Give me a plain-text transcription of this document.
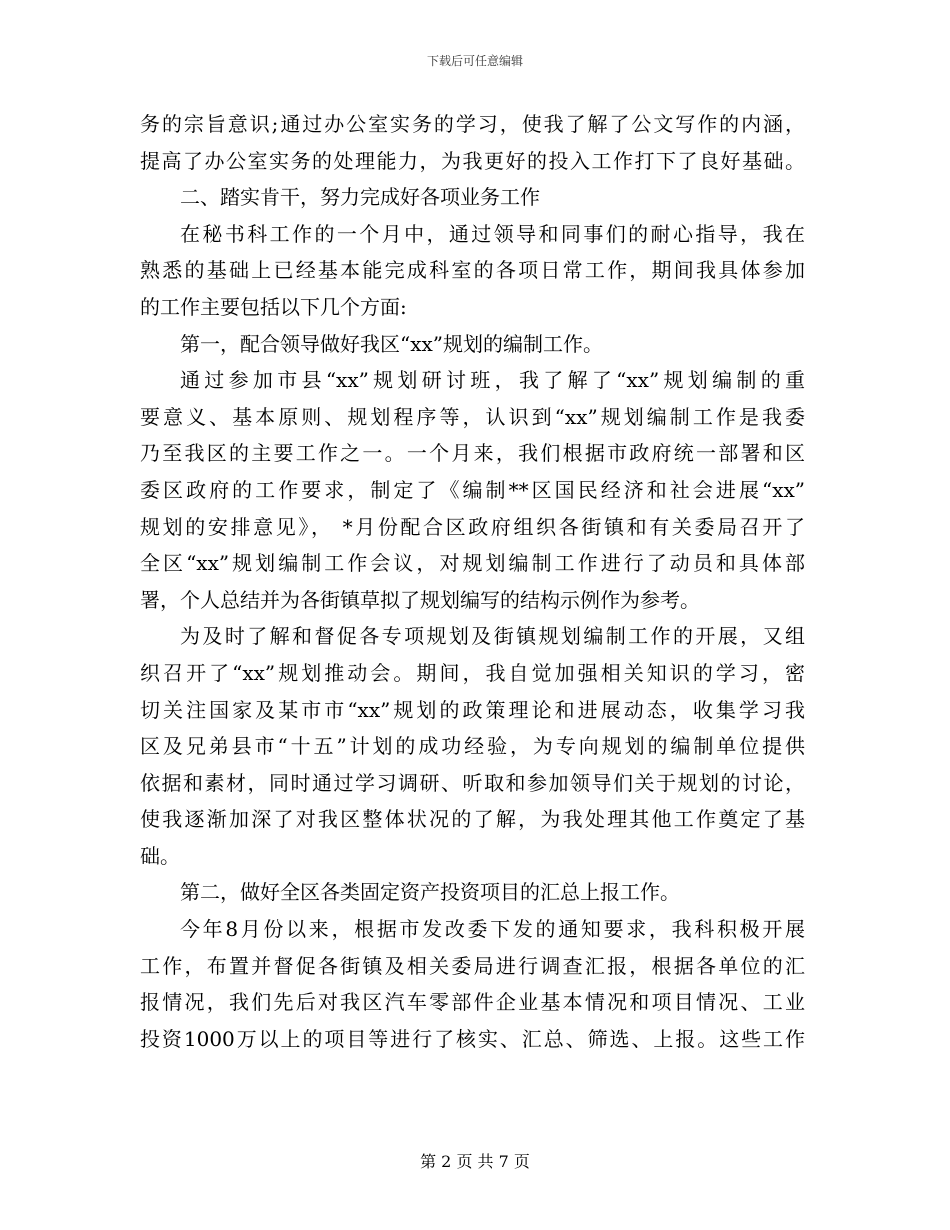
下载后可任意编辑
务的宗旨意识;通过办公室实务的学习，使我了解了公文写作的内涵，
提高了办公室实务的处理能力，为我更好的投入工作打下了良好基础。
二、踏实肯干，努力完成好各项业务工作
在秘书科工作的一个月中，通过领导和同事们的耐心指导，我在
熟悉的基础上已经基本能完成科室的各项日常工作，期间我具体参加
的工作主要包括以下几个方面:
第一，配合领导做好我区“xx”规划的编制工作。
通过参加市县“xx”规划研讨班，我了解了“xx”规划编制的重
要意义、基本原则、规划程序等，认识到“xx”规划编制工作是我委
乃至我区的主要工作之一。一个月来，我们根据市政府统一部署和区
委区政府的工作要求，制定了《编制**区国民经济和社会进展“xx”
规划的安排意见》， *月份配合区政府组织各街镇和有关委局召开了
全区“xx”规划编制工作会议，对规划编制工作进行了动员和具体部
署，个人总结并为各街镇草拟了规划编写的结构示例作为参考。
为及时了解和督促各专项规划及街镇规划编制工作的开展，又组
织召开了“xx”规划推动会。期间，我自觉加强相关知识的学习，密
切关注国家及某市市“xx”规划的政策理论和进展动态，收集学习我
区及兄弟县市“十五”计划的成功经验，为专向规划的编制单位提供
依据和素材，同时通过学习调研、听取和参加领导们关于规划的讨论，
使我逐渐加深了对我区整体状况的了解，为我处理其他工作奠定了基
础。
第二，做好全区各类固定资产投资项目的汇总上报工作。
今年8月份以来，根据市发改委下发的通知要求，我科积极开展
工作，布置并督促各街镇及相关委局进行调查汇报，根据各单位的汇
报情况，我们先后对我区汽车零部件企业基本情况和项目情况、工业
投资1000万以上的项目等进行了核实、汇总、筛选、上报。这些工作
第 2 页 共 7 页
